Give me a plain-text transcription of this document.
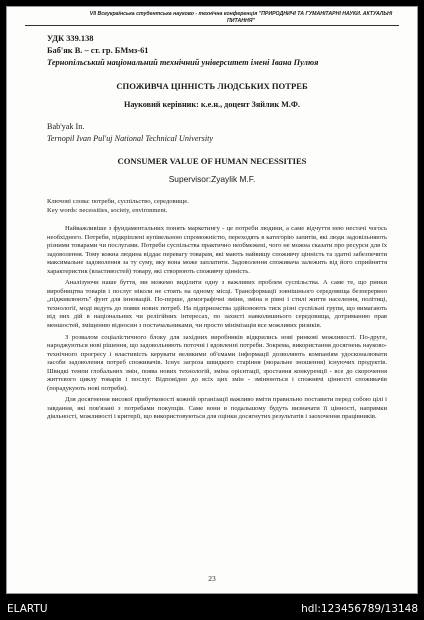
VII Всеукраїнська студентська науково - технічна конференція "ПРИРОДНИЧІ ТА ГУМАНІТАРНІ НАУКИ. АКТУАЛЬНІ ПИТАННЯ"
УДК 339.138
Баб'як В. – ст. гр. БМмз-61
Тернопільський національний технічний університет імені Івана Пулюя
СПОЖИВЧА ЦІННІСТЬ ЛЮДСЬКИХ ПОТРЕБ
Науковий керівник: к.е.н., доцент Зяйлик М.Ф.
Bab'yak In.
Ternopil Ivan Pul'uj National Technical University
CONSUMER VALUE OF HUMAN NECESSITIES
Supervisor:Zyaylik M.F.
Ключові слова: потреби, суспільство, середовище.
Key words: necessities, society, environment.

Найважливіше з фундаментальних понять маркетингу - це потреби людини, а саме відчуття нею нестачі чогось необхідного. Потреби, підкріплені купівельною спроможністю, переходять в категорію запитів, які люди задовільняють різними товарами чи послугами. Потреби суспільства практично необмежені, чого не можна сказати про ресурси для їх задоволення. Тому кожна людина віддає перевагу товарам, які мають найвищу споживчу цінність та здатні забезпечити максимальне задоволення за ту суму, яку вона може заплатити. Задоволення споживача залежить від його сприйняття характеристик (властивостей) товару, які створюють споживчу цінність.

Аналізуючи наше буття, ми можемо виділити одну з важливих проблем суспільства. А саме те, що ринки виробництва товарів і послуг ніколи не стоять на одному місці. Трансформації зовнішнього середовища безперервно „підживлюють" фунт для інновацій. По-перше, демографічні зміни, зміна в рівні і стилі життя населення, політиці, технології, моді ведуть до появи нових потреб. На підприємства здійснюють тиск різні суспільні групи, що вимагають від них дій в національних чи релігійних інтересах, по захисті навколишнього середовища, дотриманню прав меншостей, зміщенню відносин з постачальниками, чи просто мінімізація все можливих ризиків.

З розвалом соціалістичного блоку для західних виробників відкрились нові ринкові можливості. По-друге, народжуються нові рішення, що задовольняють поточні і вдовленні потреби. Зокрема, використання досягнень науково-технічного прогресу і властивість керувати великими об'ємами інформації дозволяють компаніям удосконалювати засоби задоволення потреб споживачів. Існує загроза швидкого старіння (моральне зношення) існуючих продуктів. Швидкі темпи глобальних змін, поява нових технологій, зміна орієнтації, зростання конкуренції - все до скорочення життєвого циклу товарів і послуг. Відповідно до всіх цих змін - змінюються і споживчі цінності споживачів (порадукують нові потреби).

Для досягнення високої прибутковості кожній організації важливо вміти правильно поставити перед собою цілі і завдання, які пов'язані з потребами покупців. Саме вони в подальшому будуть визначати її цінності, напрямки діяльності, можливості і критерії, що використовуються для оцінки досягнутих результатів і заохочення працівників.

23
ELARTU	hdl:123456789/13148
